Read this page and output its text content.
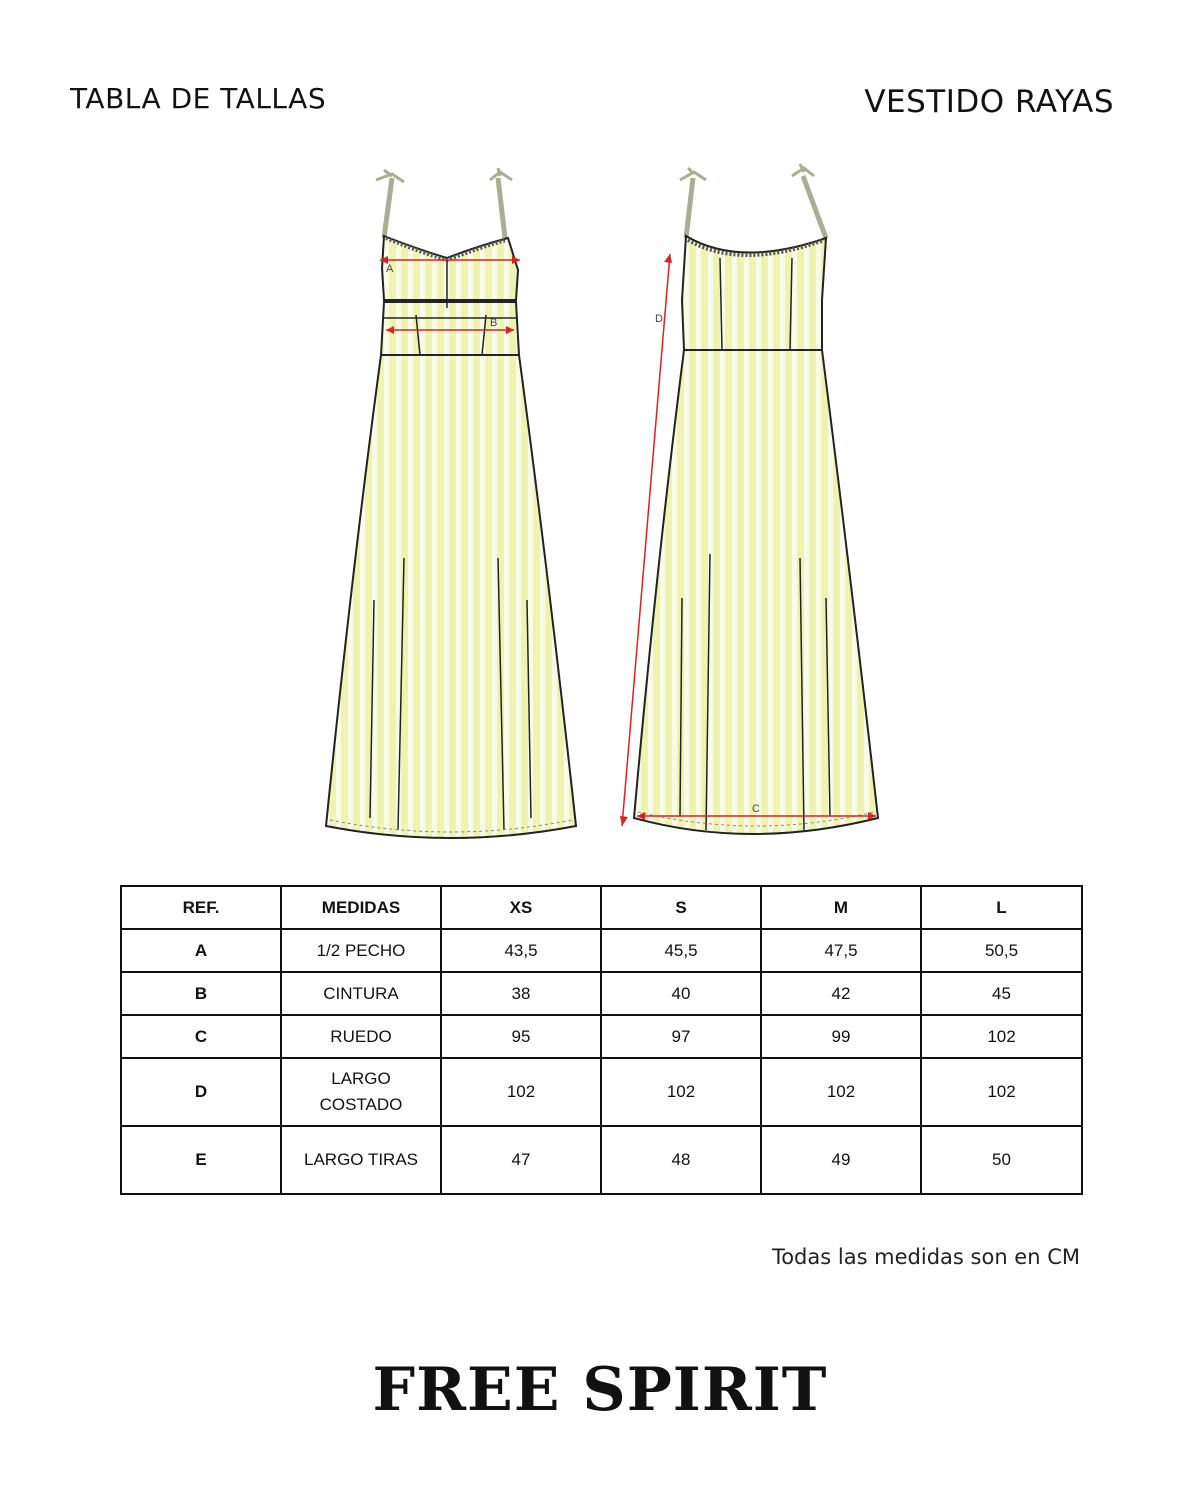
TABLA DE TALLAS	VESTIDO RAYAS
A
B
C
D
REF.	MEDIDAS	XS	S	M	L
A	1/2 PECHO	43,5	45,5	47,5	50,5
B	CINTURA	38	40	42	45
C	RUEDO	95	97	99	102
D	LARGO COSTADO	102	102	102	102
E	LARGO TIRAS	47	48	49	50
Todas las medidas son en CM
FREE SPIRIT
